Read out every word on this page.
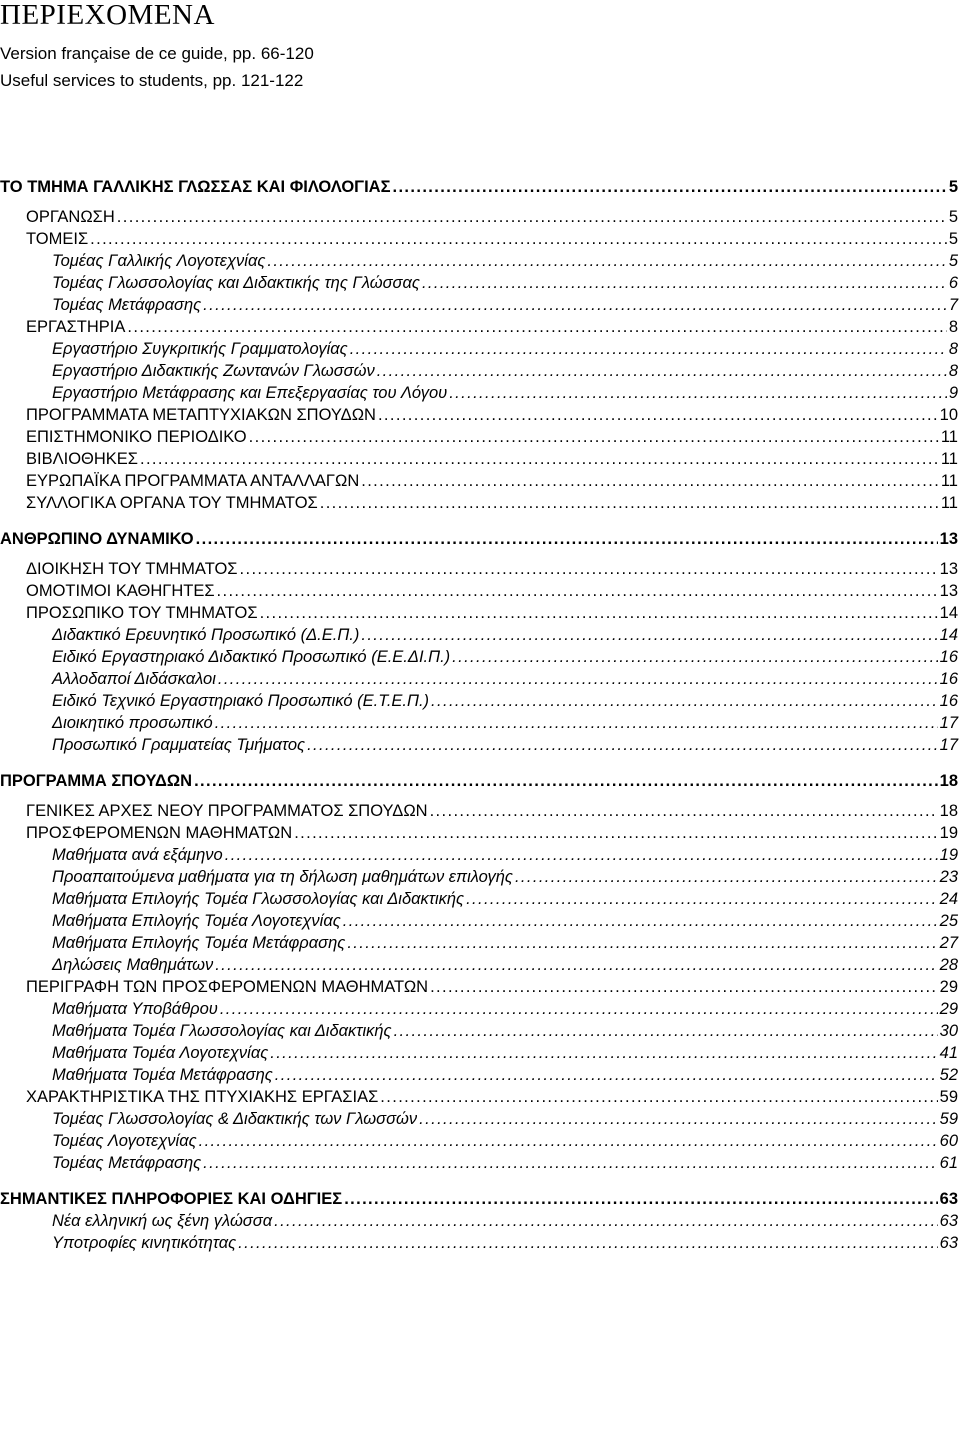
ΠΕΡΙΕΧΟΜΕΝΑ
Version française de ce guide, pp. 66-120
Useful services to students, pp. 121-122
ΤΟ ΤΜΗΜΑ ΓΑΛΛΙΚΗΣ ΓΛΩΣΣΑΣ ΚΑΙ ΦΙΛΟΛΟΓΙΑΣ . . .	5
ΟΡΓΑΝΩΣΗ . . .	5
ΤΟΜΕΙΣ . . .	5
Τομέας Γαλλικής Λογοτεχνίας . . .	5
Τομέας Γλωσσολογίας και Διδακτικής της Γλώσσας . . .	6
Τομέας Μετάφρασης . . .	7
ΕΡΓΑΣΤΗΡΙΑ . . .	8
Εργαστήριο Συγκριτικής Γραμματολογίας . . .	8
Εργαστήριο Διδακτικής Ζωντανών Γλωσσών . . .	8
Εργαστήριο Μετάφρασης και Επεξεργασίας του Λόγου . . .	9
ΠΡΟΓΡΑΜΜΑΤΑ ΜΕΤΑΠΤΥΧΙΑΚΩΝ ΣΠΟΥΔΩΝ . . .	10
ΕΠΙΣΤΗΜΟΝΙΚΟ ΠΕΡΙΟΔΙΚΟ . . .	11
ΒΙΒΛΙΟΘΗΚΕΣ . . .	11
ΕΥΡΩΠΑΪΚΑ ΠΡΟΓΡΑΜΜΑΤΑ ΑΝΤΑΛΛΑΓΩΝ . . .	11
ΣΥΛΛΟΓΙΚΑ ΟΡΓΑΝΑ ΤΟΥ ΤΜΗΜΑΤΟΣ . . .	11
ΑΝΘΡΩΠΙΝΟ ΔΥΝΑΜΙΚΟ . . .	13
ΔΙΟΙΚΗΣΗ ΤΟΥ ΤΜΗΜΑΤΟΣ . . .	13
ΟΜΟΤΙΜΟΙ ΚΑΘΗΓΗΤΕΣ . . .	13
ΠΡΟΣΩΠΙΚΟ ΤΟΥ ΤΜΗΜΑΤΟΣ . . .	14
Διδακτικό Ερευνητικό Προσωπικό (Δ.Ε.Π.) . . .	14
Ειδικό Εργαστηριακό Διδακτικό Προσωπικό (Ε.Ε.ΔΙ.Π.) . . .	16
Αλλοδαποί Διδάσκαλοι . . .	16
Ειδικό Τεχνικό Εργαστηριακό Προσωπικό (Ε.Τ.Ε.Π.) . . .	16
Διοικητικό προσωπικό . . .	17
Προσωπικό Γραμματείας Τμήματος . . .	17
ΠΡΟΓΡΑΜΜΑ ΣΠΟΥΔΩΝ . . .	18
ΓΕΝΙΚΕΣ ΑΡΧΕΣ ΝΕΟΥ ΠΡΟΓΡΑΜΜΑΤΟΣ ΣΠΟΥΔΩΝ . . .	18
ΠΡΟΣΦΕΡΟΜΕΝΩΝ ΜΑΘΗΜΑΤΩΝ . . .	19
Μαθήματα ανά εξάμηνο . . .	19
Προαπαιτούμενα μαθήματα για τη δήλωση μαθημάτων επιλογής . . .	23
Μαθήματα Επιλογής Τομέα Γλωσσολογίας και Διδακτικής . . .	24
Μαθήματα Επιλογής Τομέα Λογοτεχνίας . . .	25
Μαθήματα Επιλογής Τομέα Μετάφρασης . . .	27
Δηλώσεις Μαθημάτων . . .	28
ΠΕΡΙΓΡΑΦΗ ΤΩΝ ΠΡΟΣΦΕΡΟΜΕΝΩΝ ΜΑΘΗΜΑΤΩΝ . . .	29
Μαθήματα Υποβάθρου . . .	29
Μαθήματα Τομέα Γλωσσολογίας και Διδακτικής . . .	30
Μαθήματα Τομέα Λογοτεχνίας . . .	41
Μαθήματα Τομέα Μετάφρασης . . .	52
ΧΑΡΑΚΤΗΡΙΣΤΙΚΑ ΤΗΣ ΠΤΥΧΙΑΚΗΣ ΕΡΓΑΣΙΑΣ . . .	59
Τομέας Γλωσσολογίας & Διδακτικής των Γλωσσών . . .	59
Τομέας Λογοτεχνίας . . .	60
Τομέας Μετάφρασης . . .	61
ΣΗΜΑΝΤΙΚΕΣ ΠΛΗΡΟΦΟΡΙΕΣ ΚΑΙ ΟΔΗΓΙΕΣ . . .	63
Νέα ελληνική ως ξένη γλώσσα . . .	63
Υποτροφίες κινητικότητας . . .	63
